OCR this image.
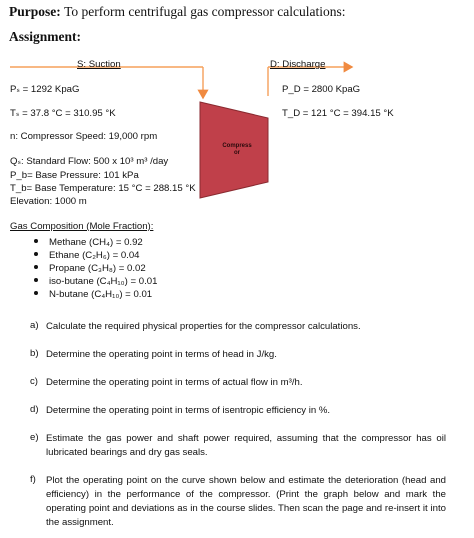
Purpose: To perform centrifugal gas compressor calculations:
Assignment:
Compress
or
S: Suction	D: Discharge
Pₛ = 1292 KpaG
Tₛ = 37.8 °C = 310.95 °K
P_D = 2800 KpaG
T_D = 121 °C = 394.15 °K
n: Compressor Speed: 19,000 rpm
Qₛ: Standard Flow: 500 x 10³ m³ /day
P_b= Base Pressure: 101 kPa
T_b= Base Temperature: 15 °C = 288.15 °K
Elevation: 1000 m
Gas Composition (Mole Fraction):
Methane (CH₄) = 0.92
Ethane (C₂H₆) = 0.04
Propane (C₃H₈) = 0.02
iso-butane (C₄H₁₀) = 0.01
N-butane (C₄H₁₀) = 0.01
a) Calculate the required physical properties for the compressor calculations.
b) Determine the operating point in terms of head in J/kg.
c) Determine the operating point in terms of actual flow in m³/h.
d) Determine the operating point in terms of isentropic efficiency in %.
e) Estimate the gas power and shaft power required, assuming that the compressor has oil lubricated bearings and dry gas seals.
f) Plot the operating point on the curve shown below and estimate the deterioration (head and efficiency) in the performance of the compressor. (Print the graph below and mark the operating point and deviations as in the course slides. Then scan the page and re-insert it into the assignment.
